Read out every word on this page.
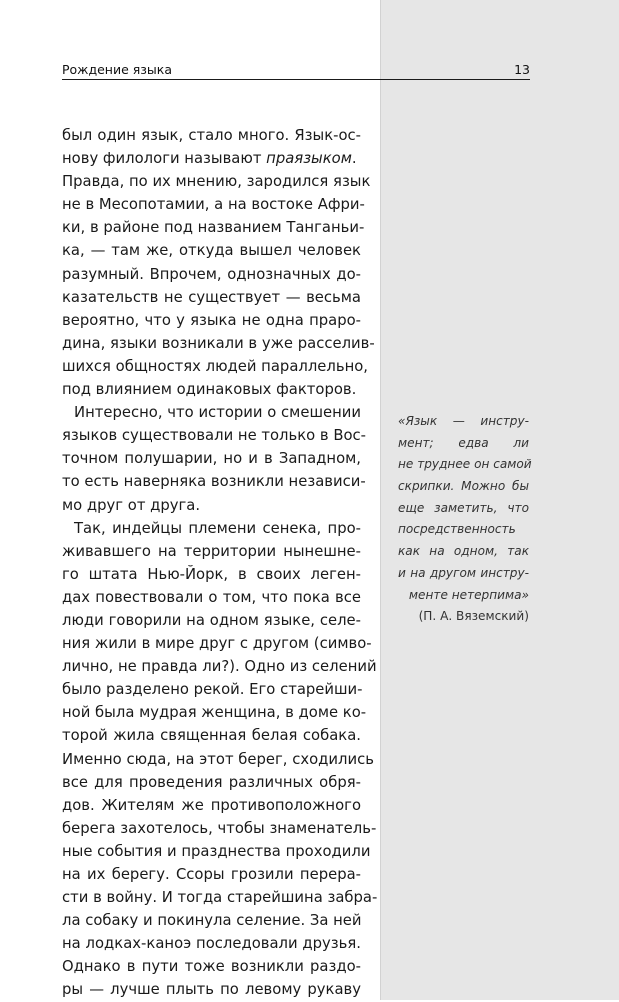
Рождение языка	13
был один язык, стало много. Язык-ос-
нову филологи называют праязыком.
Правда, по их мнению, зародился язык
не в Месопотамии, а на востоке Афри-
ки, в районе под названием Танганьи-
ка, — там же, откуда вышел человек
разумный. Впрочем, однозначных до-
казательств не существует — весьма
вероятно, что у языка не одна прaро-
дина, языки возникали в уже расселив-
шихся общностях людей параллельно,
под влиянием одинаковых факторов.
Интересно, что истории о смешении
языков существовали не только в Вос-
точном полушарии, но и в Западном,
то есть наверняка возникли независи-
мо друг от друга.
Так, индейцы племени сенека, про-
живавшего на территории нынешне-
го штата Нью-Йорк, в своих леген-
дах повествовали о том, что пока все
люди говорили на одном языке, селе-
ния жили в мире друг с другом (симво-
лично, не правда ли?). Одно из селений
было разделено рекой. Его старейши-
ной была мудрая женщина, в доме ко-
торой жила священная белая собака.
Именно сюда, на этот берег, сходились
все для проведения различных обря-
дов. Жителям же противоположного
берега захотелось, чтобы знаменатель-
ные события и празднества проходили
на их берегу. Ссоры грозили перера-
сти в войну. И тогда старейшина забра-
ла собаку и покинула селение. За ней
на лодках-каноэ последовали друзья.
Однако в пути тоже возникли раздо-
ры — лучше плыть по левому рукаву
«Язык — инстру-
мент; едва ли
не труднее он самой
скрипки. Можно бы
еще заметить, что
посредственность
как на одном, так
и на другом инстру-
менте нетерпима»
(П. А. Вяземский)
